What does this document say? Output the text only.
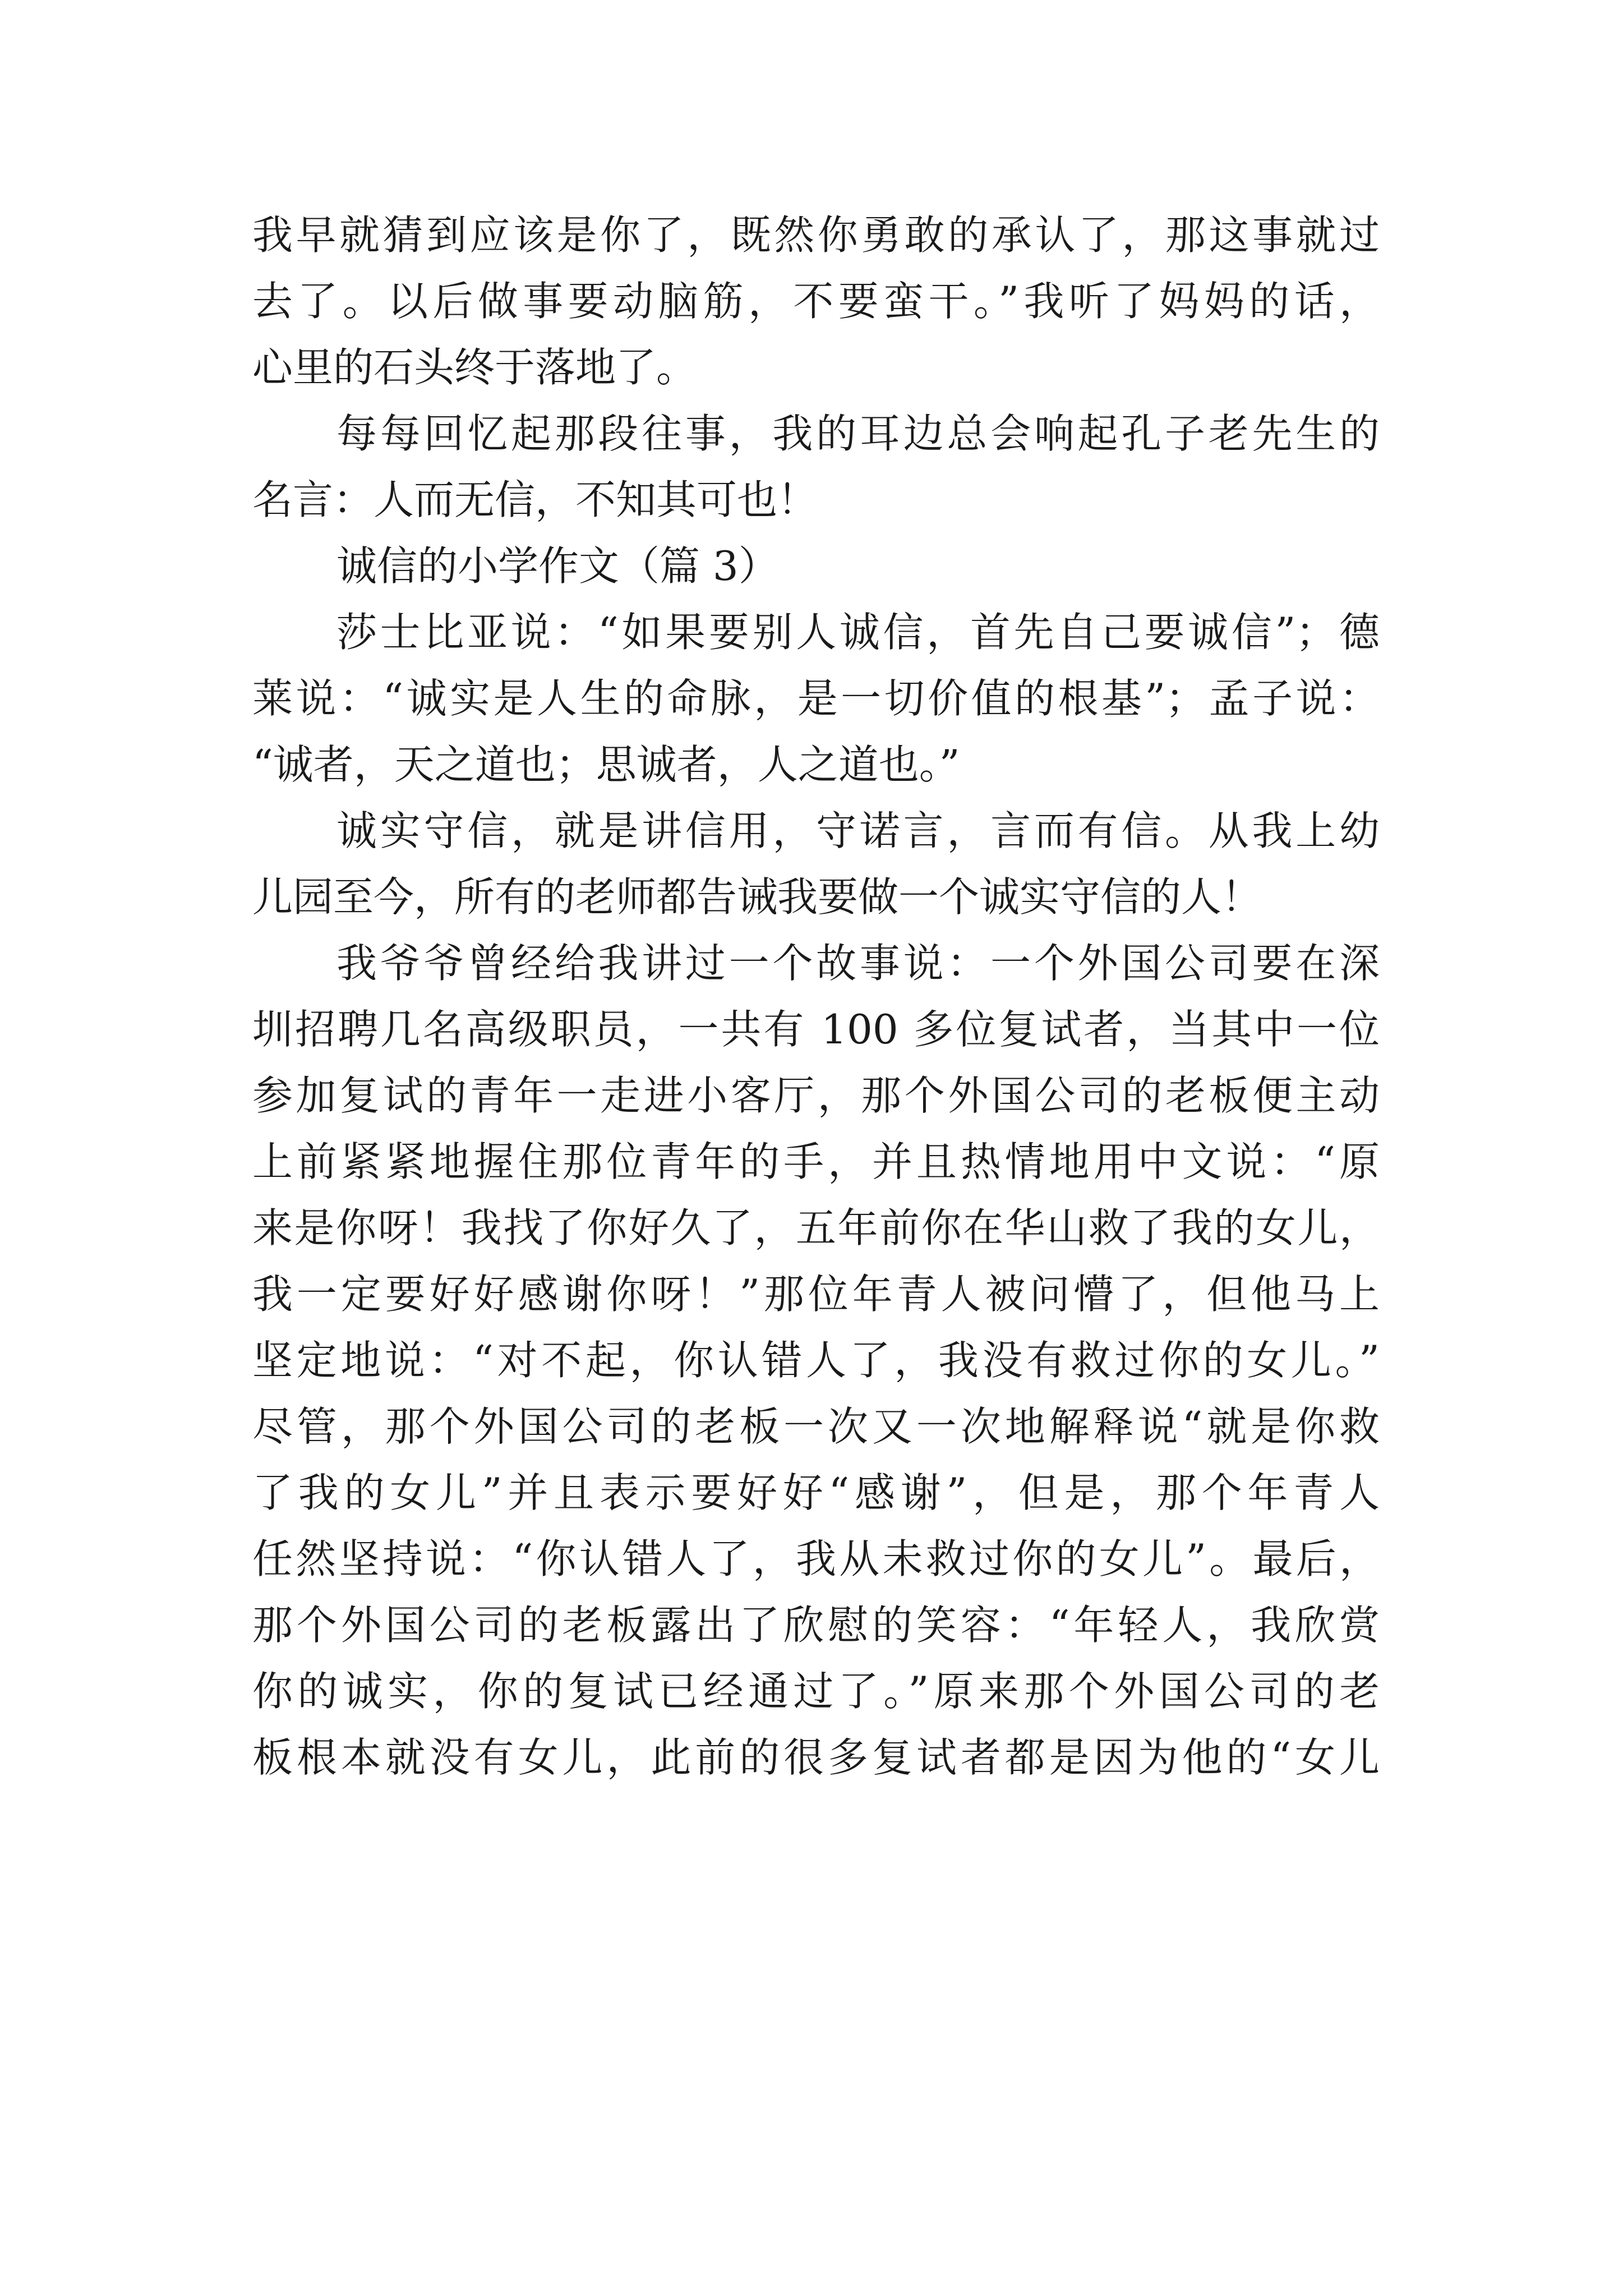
我早就猜到应该是你了，既然你勇敢的承认了，那这事就过
去了。以后做事要动脑筋，不要蛮干。”我听了妈妈的话，
心里的石头终于落地了。
每每回忆起那段往事，我的耳边总会响起孔子老先生的
名言：人而无信，不知其可也！
诚信的小学作文（篇 3）
莎士比亚说：“如果要别人诚信，首先自己要诚信”；德
莱说：“诚实是人生的命脉，是一切价值的根基”；孟子说：
“诚者，天之道也；思诚者，人之道也。”
诚实守信，就是讲信用，守诺言，言而有信。从我上幼
儿园至今，所有的老师都告诫我要做一个诚实守信的人！
我爷爷曾经给我讲过一个故事说：一个外国公司要在深
圳招聘几名高级职员，一共有 100 多位复试者，当其中一位
参加复试的青年一走进小客厅，那个外国公司的老板便主动
上前紧紧地握住那位青年的手，并且热情地用中文说：“原
来是你呀！我找了你好久了，五年前你在华山救了我的女儿，
我一定要好好感谢你呀！”那位年青人被问懵了，但他马上
坚定地说：“对不起，你认错人了，我没有救过你的女儿。”
尽管，那个外国公司的老板一次又一次地解释说“就是你救
了我的女儿”并且表示要好好“感谢”，但是，那个年青人
任然坚持说：“你认错人了，我从未救过你的女儿”。最后，
那个外国公司的老板露出了欣慰的笑容：“年轻人，我欣赏
你的诚实，你的复试已经通过了。”原来那个外国公司的老
板根本就没有女儿，此前的很多复试者都是因为他的“女儿
